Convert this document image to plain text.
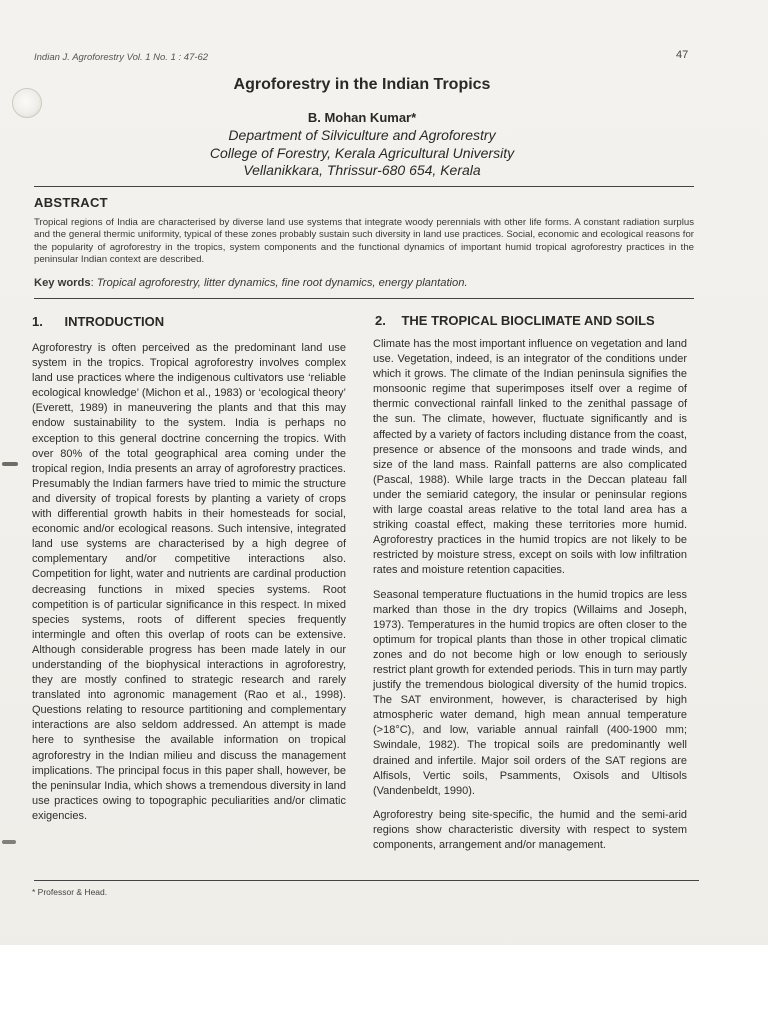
Indian J. Agroforestry Vol. 1 No. 1 : 47-62	47
Agroforestry in the Indian Tropics
B. Mohan Kumar*
Department of Silviculture and Agroforestry
College of Forestry, Kerala Agricultural University
Vellanikkara, Thrissur-680 654, Kerala
ABSTRACT
Tropical regions of India are characterised by diverse land use systems that integrate woody perennials with other life forms. A constant radiation surplus and the general thermic uniformity, typical of these zones probably sustain such diversity in land use practices. Social, economic and ecological reasons for the popularity of agroforestry in the tropics, system components and the functional dynamics of important humid tropical agroforestry practices in the peninsular Indian context are described.
Key words: Tropical agroforestry, litter dynamics, fine root dynamics, energy plantation.
1. INTRODUCTION	2. THE TROPICAL BIOCLIMATE AND SOILS

Agroforestry is often perceived as the predominant land use system in the tropics. Tropical agroforestry involves complex land use practices where the indigenous cultivators use ‘reliable ecological knowledge’ (Michon et al., 1983) or ‘ecological theory’ (Everett, 1989) in maneuvering the plants and that this may endow sustainability to the system. India is perhaps no exception to this general doctrine concerning the tropics. With over 80% of the total geographical area coming under the tropical region, India presents an array of agroforestry practices. Presumably the Indian farmers have tried to mimic the structure and diversity of tropical forests by planting a variety of crops with differential growth habits in their homesteads for social, economic and/or ecological reasons. Such intensive, integrated land use systems are characterised by a high degree of complementary and/or competitive interactions also. Competition for light, water and nutrients are cardinal production decreasing functions in mixed species systems. Root competition is of particular significance in this respect. In mixed species systems, roots of different species frequently intermingle and often this overlap of roots can be extensive. Although considerable progress has been made lately in our understanding of the biophysical interactions in agroforestry, they are mostly confined to strategic research and rarely translated into agronomic management (Rao et al., 1998). Questions relating to resource partitioning and complementary interactions are also seldom addressed. An attempt is made here to synthesise the available information on tropical agroforestry in the Indian milieu and discuss the management implications. The principal focus in this paper shall, however, be the peninsular India, which shows a tremendous diversity in land use practices owing to topographic peculiarities and/or climatic exigencies.

Climate has the most important influence on vegetation and land use. Vegetation, indeed, is an integrator of the conditions under which it grows. The climate of the Indian peninsula signifies the monsoonic regime that superimposes itself over a regime of thermic convectional rainfall linked to the zenithal passage of the sun. The climate, however, fluctuate significantly and is affected by a variety of factors including distance from the coast, presence or absence of the monsoons and trade winds, and size of the land mass. Rainfall patterns are also complicated (Pascal, 1988). While large tracts in the Deccan plateau fall under the semiarid category, the insular or peninsular regions with large coastal areas relative to the total land area has a striking coastal effect, making these territories more humid. Agroforestry practices in the humid tropics are not likely to be restricted by moisture stress, except on soils with low infiltration rates and moisture retention capacities.

Seasonal temperature fluctuations in the humid tropics are less marked than those in the dry tropics (Willaims and Joseph, 1973). Temperatures in the humid tropics are often closer to the optimum for tropical plants than those in other tropical climatic zones and do not become high or low enough to seriously restrict plant growth for extended periods. This in turn may partly justify the tremendous biological diversity of the humid tropics. The SAT environment, however, is characterised by high atmospheric water demand, high mean annual temperature (>18°C), and low, variable annual rainfall (400-1900 mm; Swindale, 1982). The tropical soils are predominantly well drained and infertile. Major soil orders of the SAT regions are Alfisols, Vertic soils, Psamments, Oxisols and Ultisols (Vandenbeldt, 1990).

Agroforestry being site-specific, the humid and the semi-arid regions show characteristic diversity with respect to system components, arrangement and/or management.

* Professor & Head.
